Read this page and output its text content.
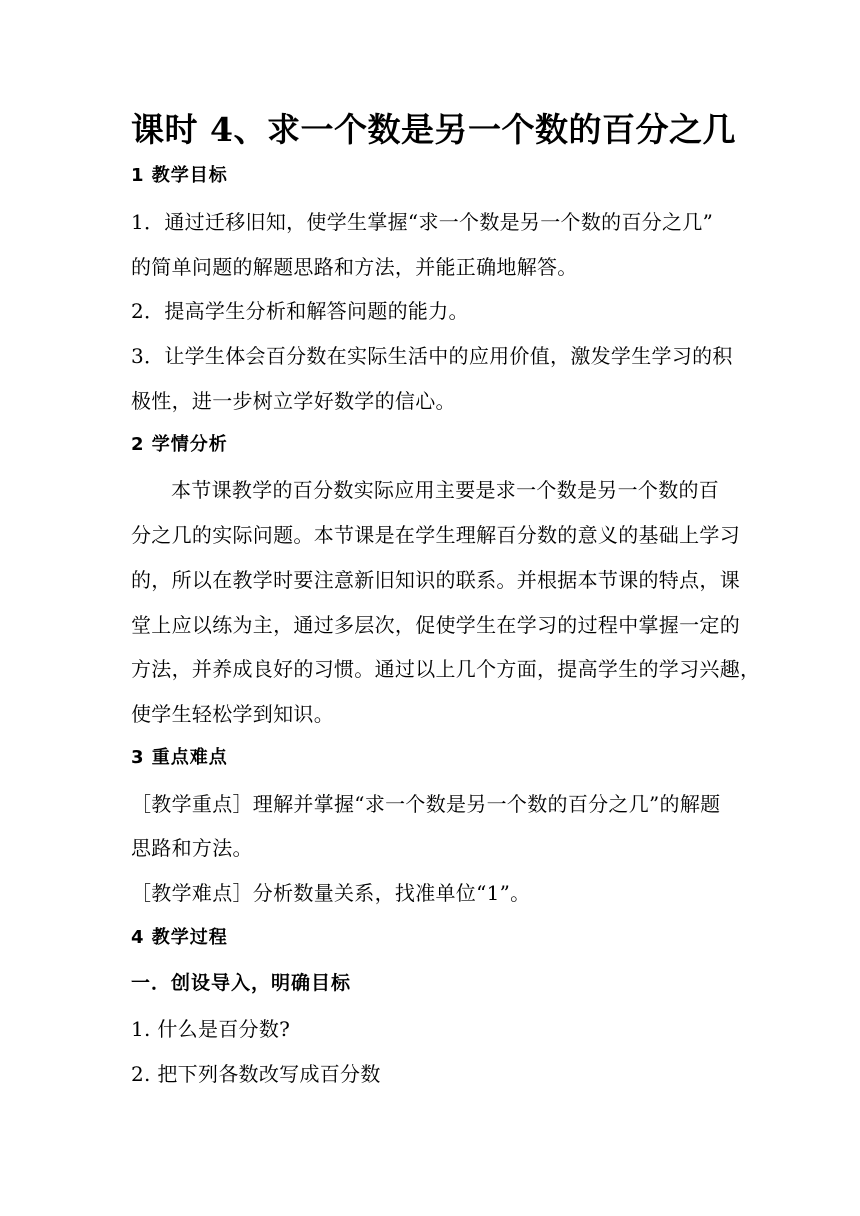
课时 4、求一个数是另一个数的百分之几
1 教学目标
1．通过迁移旧知，使学生掌握“求一个数是另一个数的百分之几”
的简单问题的解题思路和方法，并能正确地解答。
2．提高学生分析和解答问题的能力。
3．让学生体会百分数在实际生活中的应用价值，激发学生学习的积
极性，进一步树立学好数学的信心。
2 学情分析
本节课教学的百分数实际应用主要是求一个数是另一个数的百
分之几的实际问题。本节课是在学生理解百分数的意义的基础上学习
的，所以在教学时要注意新旧知识的联系。并根据本节课的特点，课
堂上应以练为主，通过多层次，促使学生在学习的过程中掌握一定的
方法，并养成良好的习惯。通过以上几个方面，提高学生的学习兴趣，
使学生轻松学到知识。
3 重点难点
［教学重点］理解并掌握“求一个数是另一个数的百分之几”的解题
思路和方法。
［教学难点］分析数量关系，找准单位“1”。
4 教学过程
一．创设导入，明确目标
1. 什么是百分数?
2. 把下列各数改写成百分数
